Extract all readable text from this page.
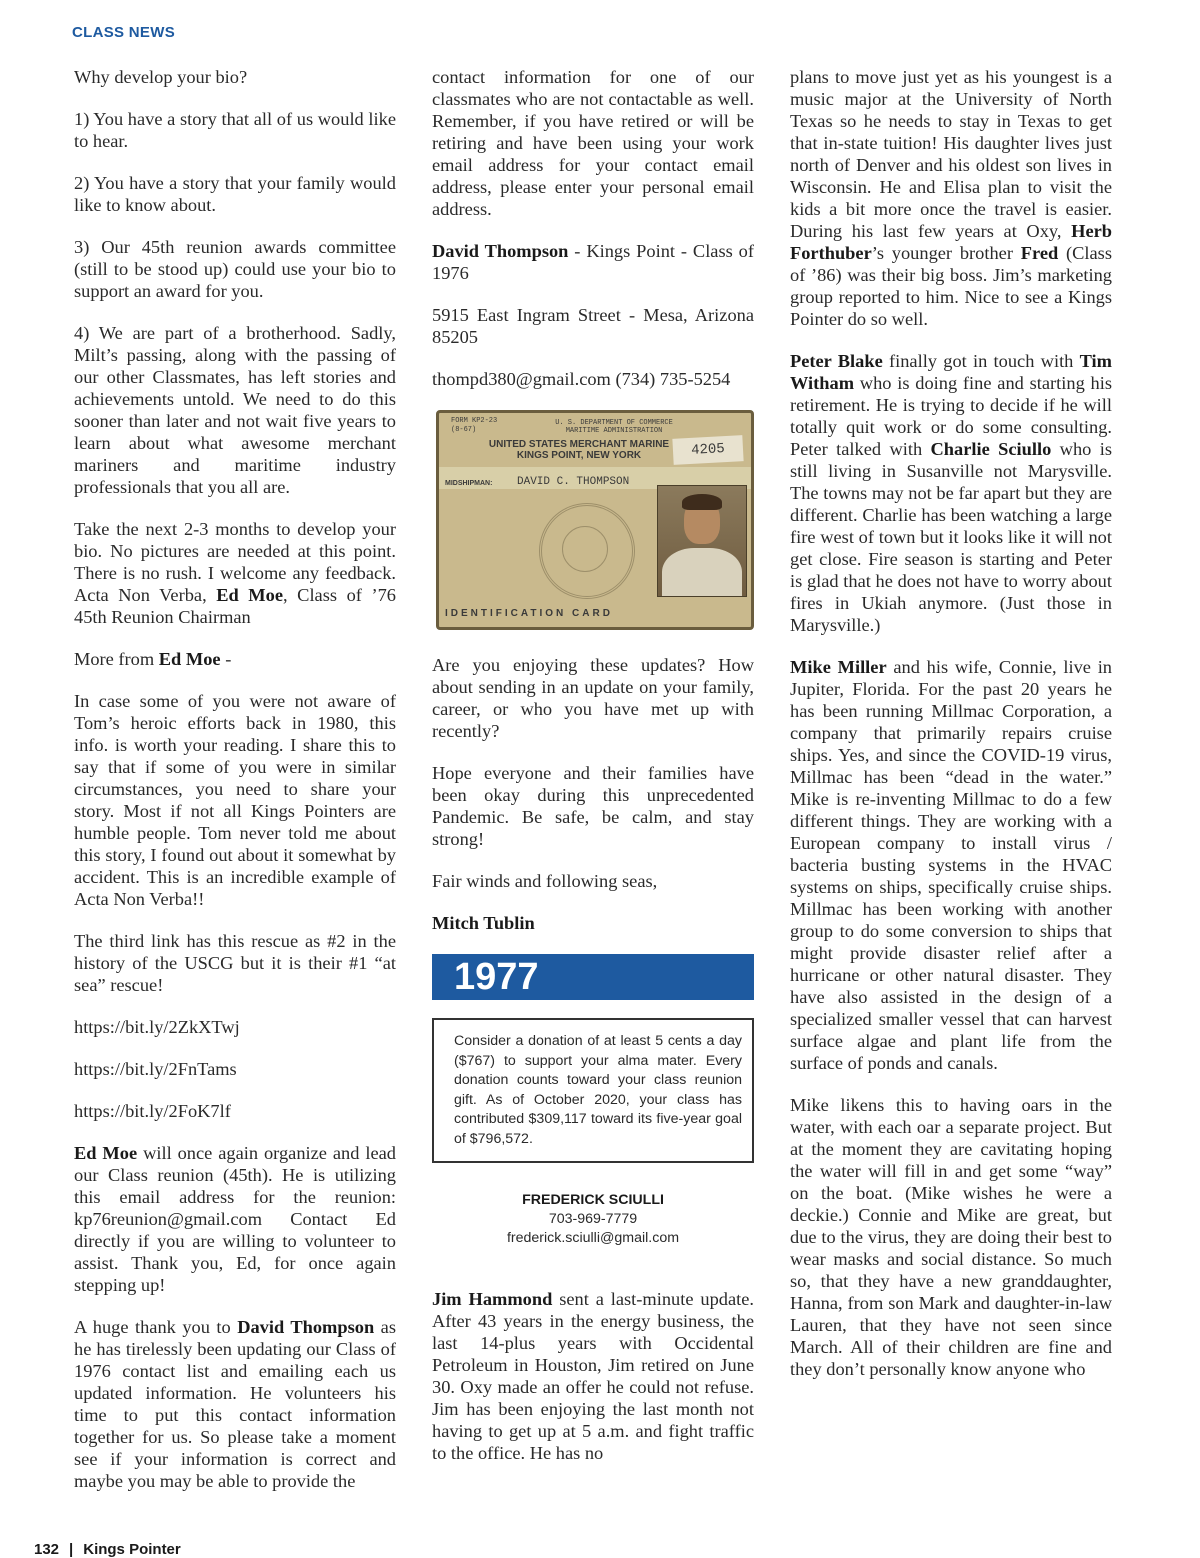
CLASS NEWS

Why develop your bio?

1) You have a story that all of us would like to hear.

2) You have a story that your family would like to know about.

3) Our 45th reunion awards committee (still to be stood up) could use your bio to support an award for you.

4) We are part of a brotherhood. Sadly, Milt’s passing, along with the passing of our other Classmates, has left stories and achievements untold. We need to do this sooner than later and not wait five years to learn about what awesome merchant mariners and maritime industry professionals that you all are.

Take the next 2-3 months to develop your bio. No pictures are needed at this point. There is no rush. I welcome any feedback. Acta Non Verba, Ed Moe, Class of ’76 45th Reunion Chairman

More from Ed Moe -

In case some of you were not aware of Tom’s heroic efforts back in 1980, this info. is worth your reading. I share this to say that if some of you were in similar circumstances, you need to share your story. Most if not all Kings Pointers are humble people. Tom never told me about this story, I found out about it somewhat by accident. This is an incredible example of Acta Non Verba!!

The third link has this rescue as #2 in the history of the USCG but it is their #1 “at sea” rescue!

https://bit.ly/2ZkXTwj

https://bit.ly/2FnTams

https://bit.ly/2FoK7lf

Ed Moe will once again organize and lead our Class reunion (45th). He is utilizing this email address for the reunion: kp76reunion@gmail.com Contact Ed directly if you are willing to volunteer to assist. Thank you, Ed, for once again stepping up!

A huge thank you to David Thompson as he has tirelessly been updating our Class of 1976 contact list and emailing each us updated information. He volunteers his time to put this contact information together for us. So please take a moment see if your information is correct and maybe you may be able to provide the

contact information for one of our classmates who are not contactable as well. Remember, if you have retired or will be retiring and have been using your work email address for your contact email address, please enter your personal email address.

David Thompson - Kings Point - Class of 1976

5915 East Ingram Street - Mesa, Arizona 85205

thompd380@gmail.com (734) 735-5254

FORM KP2-23
(8-67)
U. S. DEPARTMENT OF COMMERCE
MARITIME ADMINISTRATION
UNITED STATES MERCHANT MARINE
KINGS POINT, NEW YORK	4205
MIDSHIPMAN: DAVID C. THOMPSON
IDENTIFICATION CARD

Are you enjoying these updates? How about sending in an update on your family, career, or who you have met up with recently?

Hope everyone and their families have been okay during this unprecedented Pandemic. Be safe, be calm, and stay strong!

Fair winds and following seas,

Mitch Tublin

1977
Consider a donation of at least 5 cents a day ($767) to support your alma mater. Every donation counts toward your class reunion gift. As of October 2020, your class has contributed $309,117 toward its five-year goal of $796,572.
FREDERICK SCIULLI
703-969-7779
frederick.sciulli@gmail.com

Jim Hammond sent a last-minute update. After 43 years in the energy business, the last 14-plus years with Occidental Petroleum in Houston, Jim retired on June 30. Oxy made an offer he could not refuse. Jim has been enjoying the last month not having to get up at 5 a.m. and fight traffic to the office. He has no

plans to move just yet as his youngest is a music major at the University of North Texas so he needs to stay in Texas to get that in-state tuition! His daughter lives just north of Denver and his oldest son lives in Wisconsin. He and Elisa plan to visit the kids a bit more once the travel is easier. During his last few years at Oxy, Herb Forthuber’s younger brother Fred (Class of ’86) was their big boss. Jim’s marketing group reported to him. Nice to see a Kings Pointer do so well.

Peter Blake finally got in touch with Tim Witham who is doing fine and starting his retirement. He is trying to decide if he will totally quit work or do some consulting. Peter talked with Charlie Sciullo who is still living in Susanville not Marysville. The towns may not be far apart but they are different. Charlie has been watching a large fire west of town but it looks like it will not get close. Fire season is starting and Peter is glad that he does not have to worry about fires in Ukiah anymore. (Just those in Marysville.)

Mike Miller and his wife, Connie, live in Jupiter, Florida. For the past 20 years he has been running Millmac Corporation, a company that primarily repairs cruise ships. Yes, and since the COVID-19 virus, Millmac has been “dead in the water.” Mike is re-inventing Millmac to do a few different things. They are working with a European company to install virus / bacteria busting systems in the HVAC systems on ships, specifically cruise ships. Millmac has been working with another group to do some conversion to ships that might provide disaster relief after a hurricane or other natural disaster. They have also assisted in the design of a specialized smaller vessel that can harvest surface algae and plant life from the surface of ponds and canals.

Mike likens this to having oars in the water, with each oar a separate project. But at the moment they are cavitating hoping the water will fill in and get some “way” on the boat. (Mike wishes he were a deckie.) Connie and Mike are great, but due to the virus, they are doing their best to wear masks and social distance. So much so, that they have a new granddaughter, Hanna, from son Mark and daughter-in-law Lauren, that they have not seen since March. All of their children are fine and they don’t personally know anyone who

132 | Kings Pointer
